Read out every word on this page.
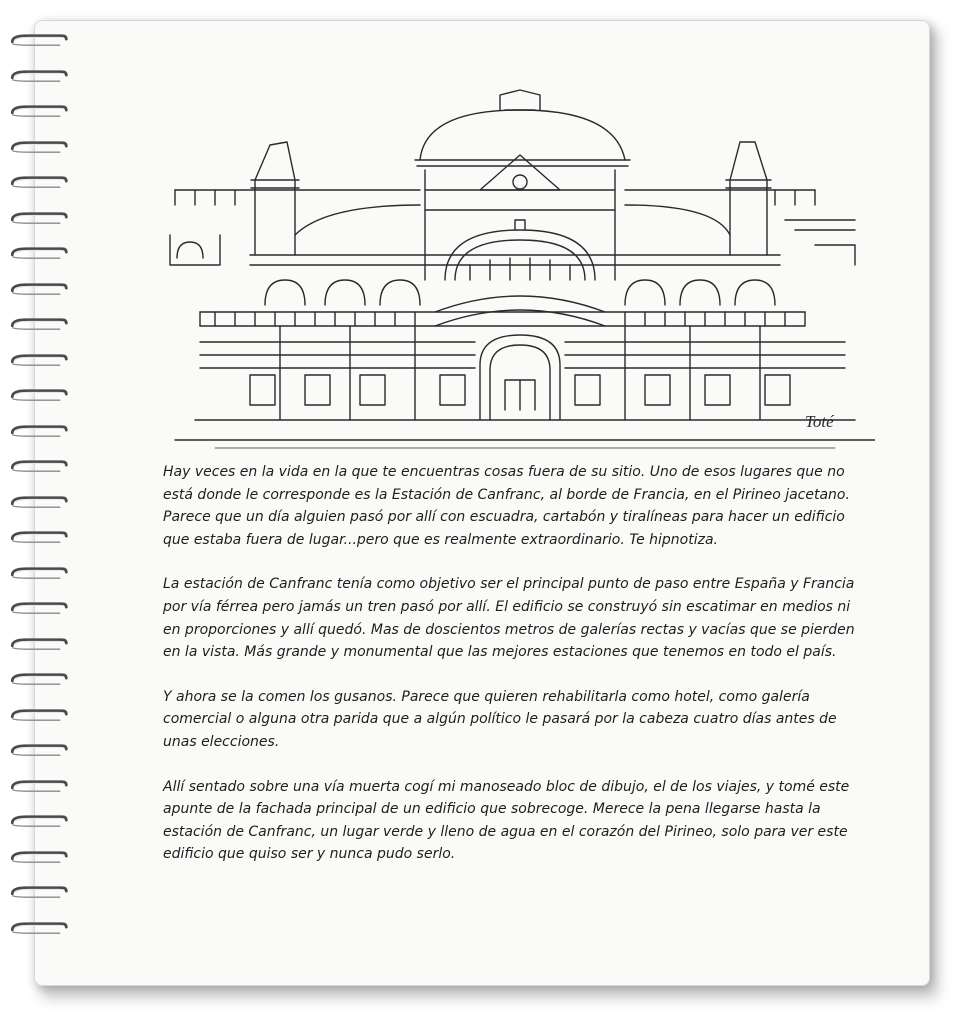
Toté

Hay veces en la vida en la que te encuentras cosas fuera de su sitio. Uno de esos lugares que no está donde le corresponde es la Estación de Canfranc, al borde de Francia, en el Pirineo jacetano. Parece que un día alguien pasó por allí con escuadra, cartabón y tiralíneas para hacer un edificio que estaba fuera de lugar...pero que es realmente extraordinario. Te hipnotiza.

La estación de Canfranc tenía como objetivo ser el principal punto de paso entre España y Francia por vía férrea pero jamás un tren pasó por allí. El edificio se construyó sin escatimar en medios ni en proporciones y allí quedó. Mas de doscientos metros de galerías rectas y vacías que se pierden en la vista. Más grande y monumental que las mejores estaciones que tenemos en todo el país.

Y ahora se la comen los gusanos. Parece que quieren rehabilitarla como hotel, como galería comercial o alguna otra parida que a algún político le pasará por la cabeza cuatro días antes de unas elecciones.

Allí sentado sobre una vía muerta cogí mi manoseado bloc de dibujo, el de los viajes, y tomé este apunte de la fachada principal de un edificio que sobrecoge. Merece la pena llegarse hasta la estación de Canfranc, un lugar verde y lleno de agua en el corazón del Pirineo, solo para ver este edificio que quiso ser y nunca pudo serlo.
